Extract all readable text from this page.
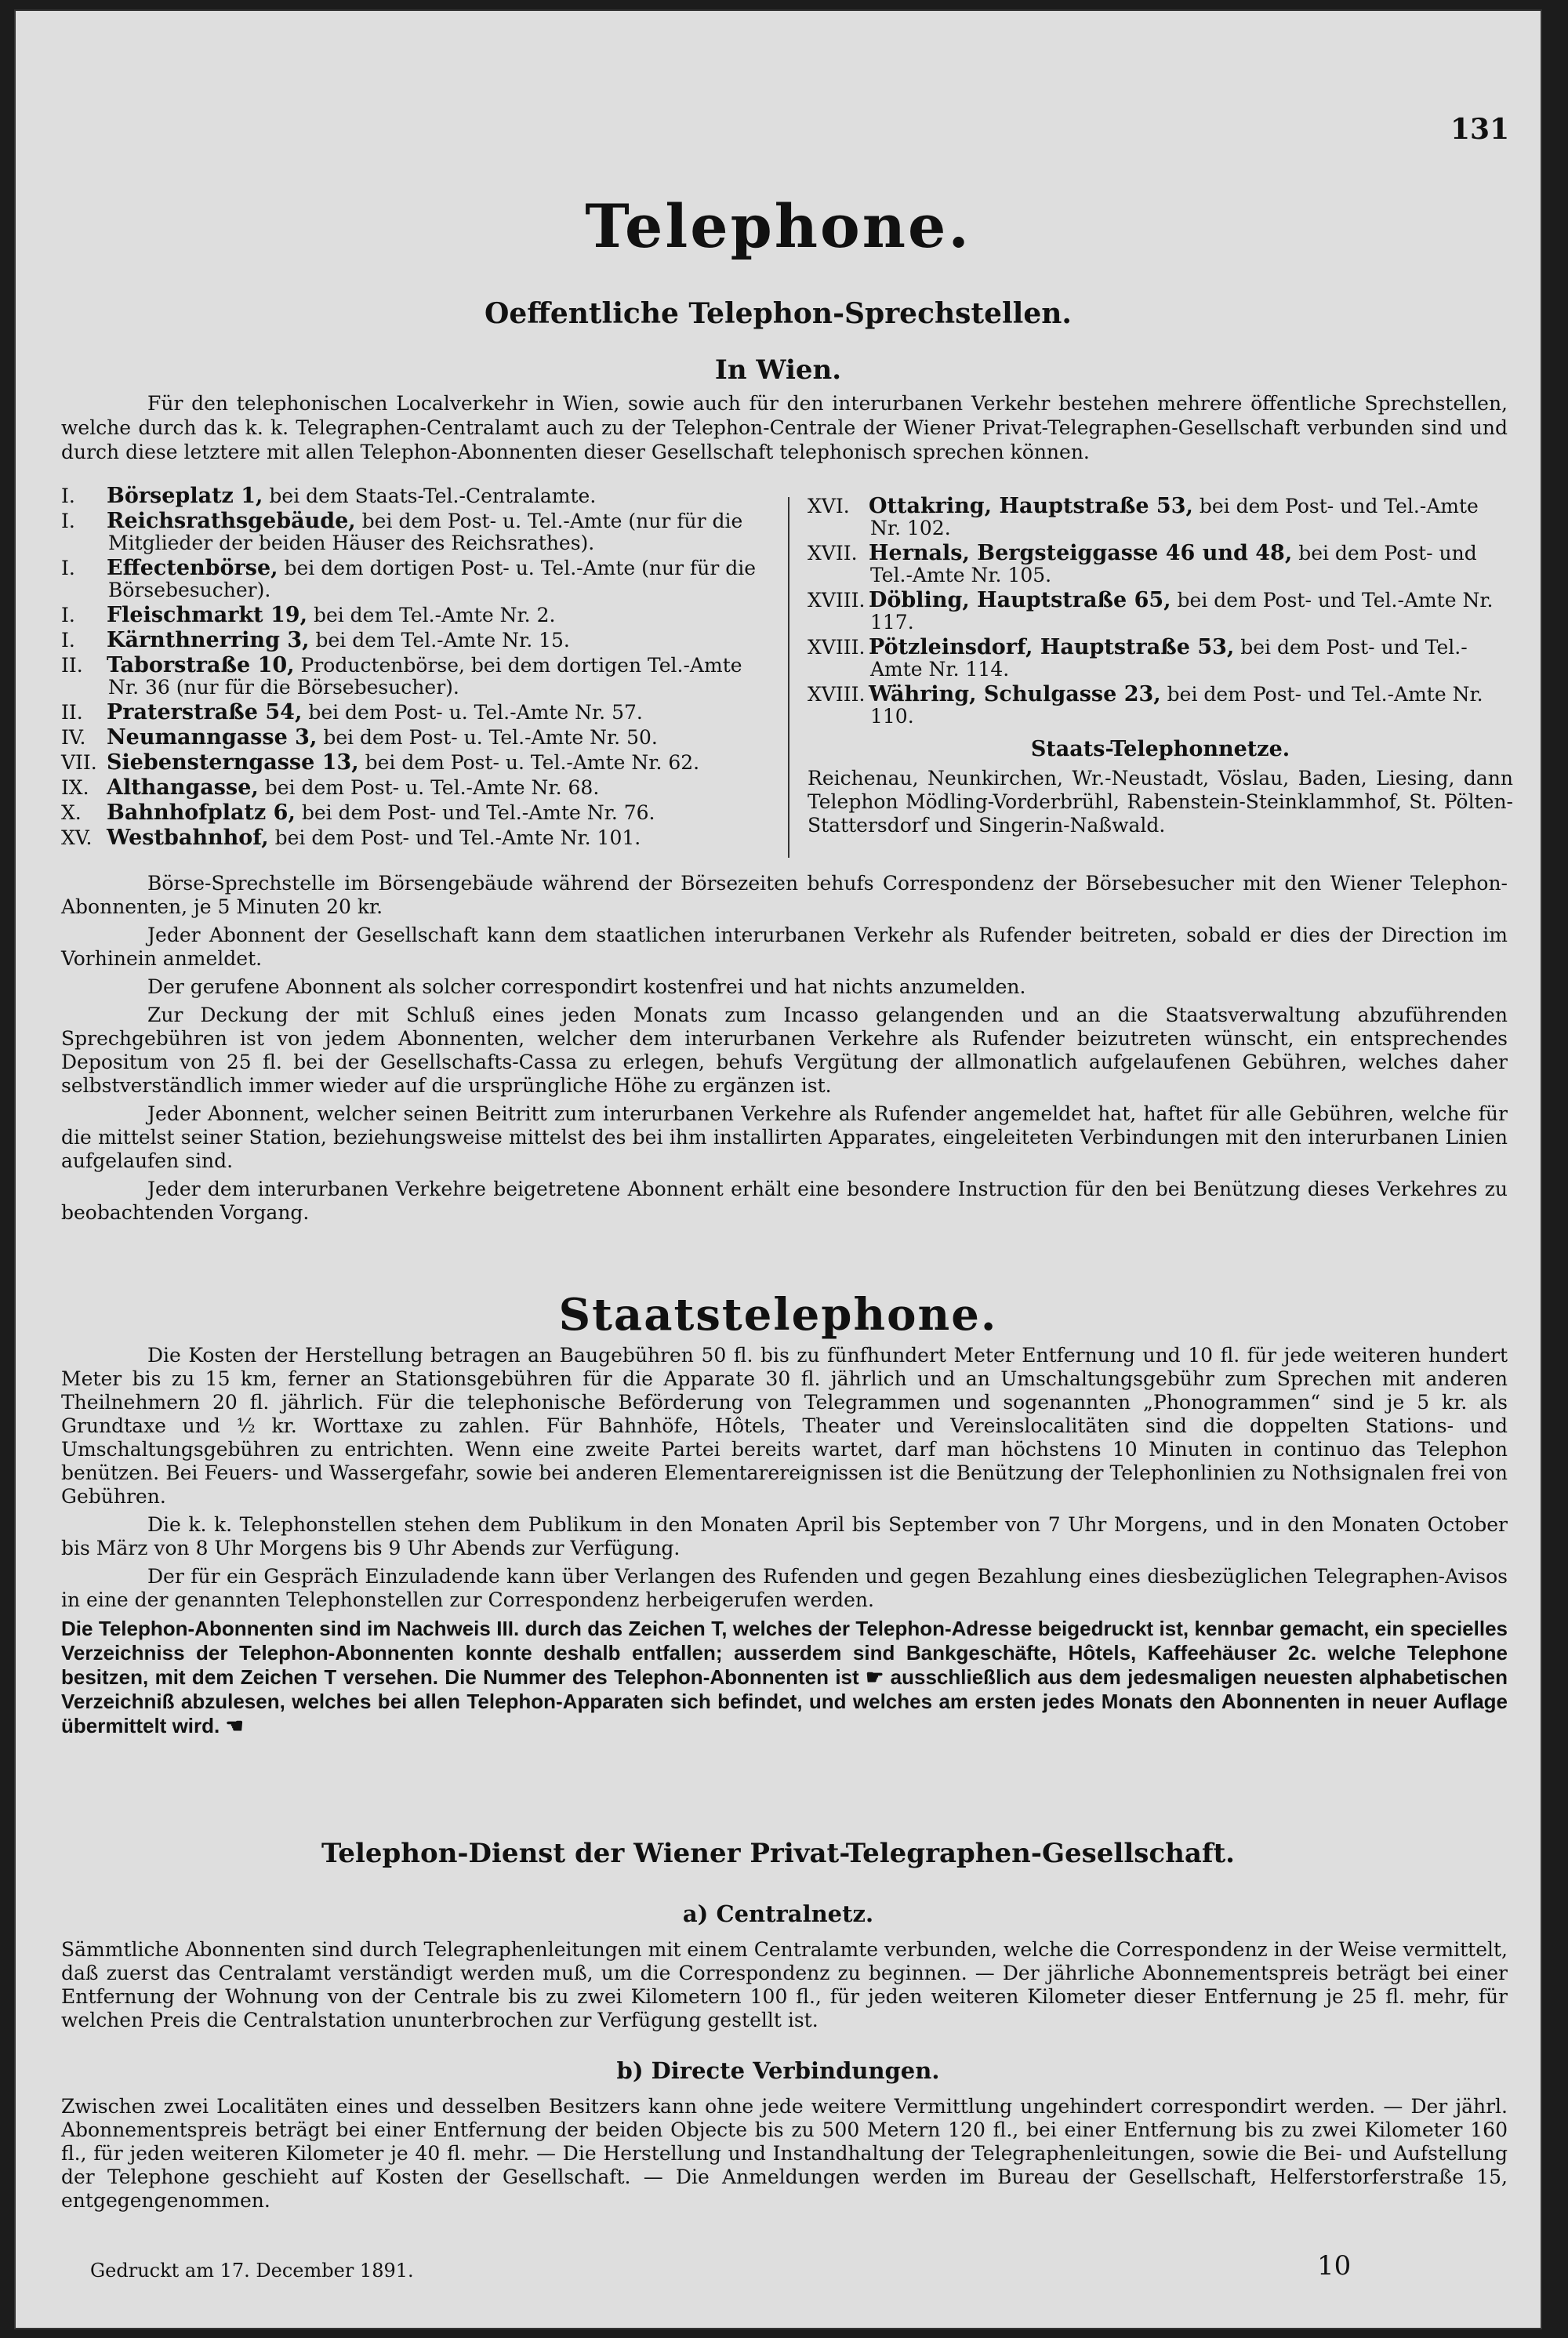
131
Telephone.
Oeffentliche Telephon-Sprechstellen.
In Wien.
Für den telephonischen Localverkehr in Wien, sowie auch für den interurbanen Verkehr bestehen mehrere öffentliche Sprechstellen, welche durch das k. k. Telegraphen-Centralamt auch zu der Telephon-Centrale der Wiener Privat-Telegraphen-Gesellschaft verbunden sind und durch diese letztere mit allen Telephon-Abonnenten dieser Gesellschaft telephonisch sprechen können.
I. Börseplatz 1, bei dem Staats-Tel.-Centralamte.
I. Reichsrathsgebäude, bei dem Post- u. Tel.-Amte (nur für die Mitglieder der beiden Häuser des Reichsrathes).
I. Effectenbörse, bei dem dortigen Post- u. Tel.-Amte (nur für die Börsebesucher).
I. Fleischmarkt 19, bei dem Tel.-Amte Nr. 2.
I. Kärnthnerring 3, bei dem Tel.-Amte Nr. 15.
II. Taborstraße 10, Productenbörse, bei dem dortigen Tel.-Amte Nr. 36 (nur für die Börsebesucher).
II. Praterstraße 54, bei dem Post- u. Tel.-Amte Nr. 57.
IV. Neumanngasse 3, bei dem Post- u. Tel.-Amte Nr. 50.
VII. Siebensterngasse 13, bei dem Post- u. Tel.-Amte Nr. 62.
IX. Althangasse, bei dem Post- u. Tel.-Amte Nr. 68.
X. Bahnhofplatz 6, bei dem Post- und Tel.-Amte Nr. 76.
XV. Westbahnhof, bei dem Post- und Tel.-Amte Nr. 101.
XVI. Ottakring, Hauptstraße 53, bei dem Post- und Tel.-Amte Nr. 102.
XVII. Hernals, Bergsteiggasse 46 und 48, bei dem Post- und Tel.-Amte Nr. 105.
XVIII. Döbling, Hauptstraße 65, bei dem Post- und Tel.-Amte Nr. 117.
XVIII. Pötzleinsdorf, Hauptstraße 53, bei dem Post- und Tel.-Amte Nr. 114.
XVIII. Währing, Schulgasse 23, bei dem Post- und Tel.-Amte Nr. 110.
Staats-Telephonnetze.
Reichenau, Neunkirchen, Wr.-Neustadt, Vöslau, Baden, Liesing, dann Telephon Mödling-Vorderbrühl, Rabenstein-Steinklammhof, St. Pölten-Stattersdorf und Singerin-Naßwald.

Börse-Sprechstelle im Börsengebäude während der Börsezeiten behufs Correspondenz der Börsebesucher mit den Wiener Telephon-Abonnenten, je 5 Minuten 20 kr.

Jeder Abonnent der Gesellschaft kann dem staatlichen interurbanen Verkehr als Rufender beitreten, sobald er dies der Direction im Vorhinein anmeldet.

Der gerufene Abonnent als solcher correspondirt kostenfrei und hat nichts anzumelden.

Zur Deckung der mit Schluß eines jeden Monats zum Incasso gelangenden und an die Staatsverwaltung abzuführenden Sprechgebühren ist von jedem Abonnenten, welcher dem interurbanen Verkehre als Rufender beizutreten wünscht, ein entsprechendes Depositum von 25 fl. bei der Gesellschafts-Cassa zu erlegen, behufs Vergütung der allmonatlich aufgelaufenen Gebühren, welches daher selbstverständlich immer wieder auf die ursprüngliche Höhe zu ergänzen ist.

Jeder Abonnent, welcher seinen Beitritt zum interurbanen Verkehre als Rufender angemeldet hat, haftet für alle Gebühren, welche für die mittelst seiner Station, beziehungsweise mittelst des bei ihm installirten Apparates, eingeleiteten Verbindungen mit den interurbanen Linien aufgelaufen sind.

Jeder dem interurbanen Verkehre beigetretene Abonnent erhält eine besondere Instruction für den bei Benützung dieses Verkehres zu beobachtenden Vorgang.

Staatstelephone.

Die Kosten der Herstellung betragen an Baugebühren 50 fl. bis zu fünfhundert Meter Entfernung und 10 fl. für jede weiteren hundert Meter bis zu 15 km, ferner an Stationsgebühren für die Apparate 30 fl. jährlich und an Umschaltungsgebühr zum Sprechen mit anderen Theilnehmern 20 fl. jährlich. Für die telephonische Beförderung von Telegrammen und sogenannten „Phonogrammen“ sind je 5 kr. als Grundtaxe und ½ kr. Worttaxe zu zahlen. Für Bahnhöfe, Hôtels, Theater und Vereinslocalitäten sind die doppelten Stations- und Umschaltungsgebühren zu entrichten. Wenn eine zweite Partei bereits wartet, darf man höchstens 10 Minuten in continuo das Telephon benützen. Bei Feuers- und Wassergefahr, sowie bei anderen Elementarereignissen ist die Benützung der Telephonlinien zu Nothsignalen frei von Gebühren.

Die k. k. Telephonstellen stehen dem Publikum in den Monaten April bis September von 7 Uhr Morgens, und in den Monaten October bis März von 8 Uhr Morgens bis 9 Uhr Abends zur Verfügung.

Der für ein Gespräch Einzuladende kann über Verlangen des Rufenden und gegen Bezahlung eines diesbezüglichen Telegraphen-Avisos in eine der genannten Telephonstellen zur Correspondenz herbeigerufen werden.

Die Telephon-Abonnenten sind im Nachweis III. durch das Zeichen T, welches der Telephon-Adresse beigedruckt ist, kennbar gemacht, ein specielles Verzeichniss der Telephon-Abonnenten konnte deshalb entfallen; ausserdem sind Bankgeschäfte, Hôtels, Kaffeehäuser 2c. welche Telephone besitzen, mit dem Zeichen T versehen. Die Nummer des Telephon-Abonnenten ist ☛ ausschließlich aus dem jedesmaligen neuesten alphabetischen Verzeichniß abzulesen, welches bei allen Telephon-Apparaten sich befindet, und welches am ersten jedes Monats den Abonnenten in neuer Auflage übermittelt wird. ☚
Telephon-Dienst der Wiener Privat-Telegraphen-Gesellschaft.
a) Centralnetz.

Sämmtliche Abonnenten sind durch Telegraphenleitungen mit einem Centralamte verbunden, welche die Correspondenz in der Weise vermittelt, daß zuerst das Centralamt verständigt werden muß, um die Correspondenz zu beginnen. — Der jährliche Abonnementspreis beträgt bei einer Entfernung der Wohnung von der Centrale bis zu zwei Kilometern 100 fl., für jeden weiteren Kilometer dieser Entfernung je 25 fl. mehr, für welchen Preis die Centralstation ununterbrochen zur Verfügung gestellt ist.

b) Directe Verbindungen.

Zwischen zwei Localitäten eines und desselben Besitzers kann ohne jede weitere Vermittlung ungehindert correspondirt werden. — Der jährl. Abonnementspreis beträgt bei einer Entfernung der beiden Objecte bis zu 500 Metern 120 fl., bei einer Entfernung bis zu zwei Kilometer 160 fl., für jeden weiteren Kilometer je 40 fl. mehr. — Die Herstellung und Instandhaltung der Telegraphenleitungen, sowie die Bei- und Aufstellung der Telephone geschieht auf Kosten der Gesellschaft. — Die Anmeldungen werden im Bureau der Gesellschaft, Helferstorferstraße 15, entgegengenommen.

Gedruckt am 17. December 1891.	10
